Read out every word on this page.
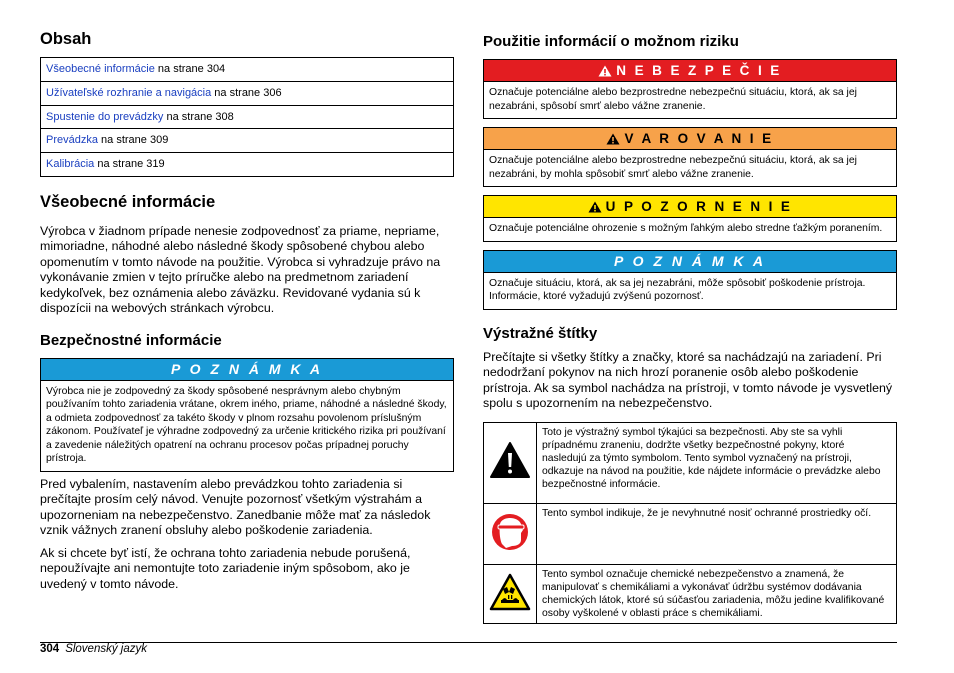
Obsah
Všeobecné informácie na strane 304
Užívateľské rozhranie a navigácia na strane 306
Spustenie do prevádzky na strane 308
Prevádzka na strane 309
Kalibrácia na strane 319
Všeobecné informácie

Výrobca v žiadnom prípade nenesie zodpovednosť za priame, nepriame, mimoriadne, náhodné alebo následné škody spôsobené chybou alebo opomenutím v tomto návode na použitie. Výrobca si vyhradzuje právo na vykonávanie zmien v tejto príručke alebo na predmetnom zariadení kedykoľvek, bez oznámenia alebo záväzku. Revidované vydania sú k dispozícii na webových stránkach výrobcu.

Bezpečnostné informácie
P O Z N Á M K A
Výrobca nie je zodpovedný za škody spôsobené nesprávnym alebo chybným používaním tohto zariadenia vrátane, okrem iného, priame, náhodné a následné škody, a odmieta zodpovednosť za takéto škody v plnom rozsahu povolenom príslušným zákonom. Používateľ je výhradne zodpovedný za určenie kritického rizika pri používaní a zavedenie náležitých opatrení na ochranu procesov počas prípadnej poruchy prístroja.

Pred vybalením, nastavením alebo prevádzkou tohto zariadenia si prečítajte prosím celý návod. Venujte pozornosť všetkým výstrahám a upozorneniam na nebezpečenstvo. Zanedbanie môže mať za následok vznik vážnych zranení obsluhy alebo poškodenie zariadenia.

Ak si chcete byť istí, že ochrana tohto zariadenia nebude porušená, nepoužívajte ani nemontujte toto zariadenie iným spôsobom, ako je uvedený v tomto návode.

Použitie informácií o možnom riziku
N E B E Z P E Č I E
Označuje potenciálne alebo bezprostredne nebezpečnú situáciu, ktorá, ak sa jej nezabráni, spôsobí smrť alebo vážne zranenie.
V A R O V A N I E
Označuje potenciálne alebo bezprostredne nebezpečnú situáciu, ktorá, ak sa jej nezabráni, by mohla spôsobiť smrť alebo vážne zranenie.
U P O Z O R N E N I E
Označuje potenciálne ohrozenie s možným ľahkým alebo stredne ťažkým poranením.
P O Z N Á M K A
Označuje situáciu, ktorá, ak sa jej nezabráni, môže spôsobiť poškodenie prístroja. Informácie, ktoré vyžadujú zvýšenú pozornosť.
Výstražné štítky

Prečítajte si všetky štítky a značky, ktoré sa nachádzajú na zariadení. Pri nedodržaní pokynov na nich hrozí poranenie osôb alebo poškodenie prístroja. Ak sa symbol nachádza na prístroji, v tomto návode je vysvetlený spolu s upozornením na nebezpečenstvo.

	Toto je výstražný symbol týkajúci sa bezpečnosti. Aby ste sa vyhli prípadnému zraneniu, dodržte všetky bezpečnostné pokyny, ktoré nasledujú za týmto symbolom. Tento symbol vyznačený na prístroji, odkazuje na návod na použitie, kde nájdete informácie o prevádzke alebo bezpečnostné informácie.
	Tento symbol indikuje, že je nevyhnutné nosiť ochranné prostriedky očí.
	Tento symbol označuje chemické nebezpečenstvo a znamená, že manipulovať s chemikáliami a vykonávať údržbu systémov dodávania chemických látok, ktoré sú súčasťou zariadenia, môžu jedine kvalifikované osoby vyškolené v oblasti práce s chemikáliami.
304 Slovenský jazyk
